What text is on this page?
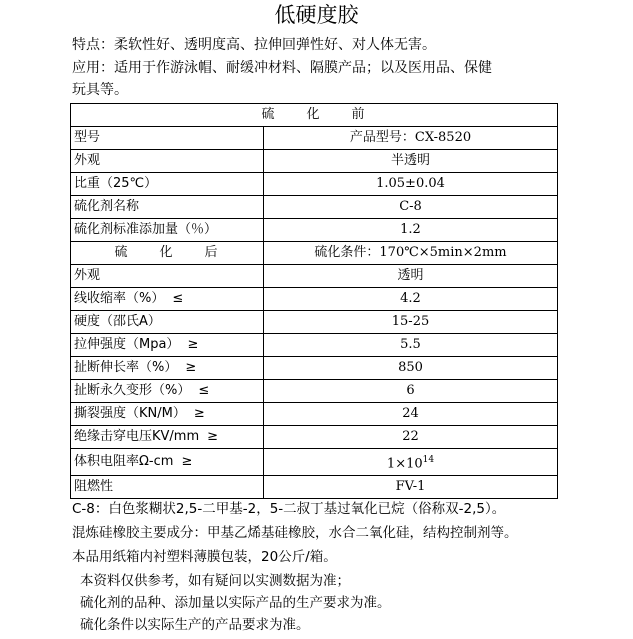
低硬度胶
特点：柔软性好、透明度高、拉伸回弹性好、对人体无害。
应用：适用于作游泳帽、耐缓冲材料、隔膜产品；以及医用品、保健
玩具等。
硫　　化　　前	
型号	产品型号：CX-8520
外观	半透明
比重（25℃）	1.05±0.04
硫化剂名称	C-8
硫化剂标准添加量（％）	1.2
硫　　化　　后	硫化条件：170℃×5min×2mm
外观	透明
线收缩率（%） ≤	4.2
硬度（邵氏A）	15-25
拉伸强度（Mpa） ≥	5.5
扯断伸长率（%） ≥	850
扯断永久变形（%） ≤	6
撕裂强度（KN/M） ≥	24
绝缘击穿电压KV/mm ≥	22
体积电阻率Ω-cm ≥	$1\times 10^{14}$
阻燃性	FV-1
C-8：白色浆糊状2,5-二甲基-2，5-二叔丁基过氧化已烷（俗称双-2,5）。
混炼硅橡胶主要成分：甲基乙烯基硅橡胶，水合二氧化硅，结构控制剂等。
本品用纸箱内衬塑料薄膜包装，20公斤/箱。
本资料仅供参考，如有疑问以实测数据为准；
硫化剂的品种、添加量以实际产品的生产要求为准。
硫化条件以实际生产的产品要求为准。
